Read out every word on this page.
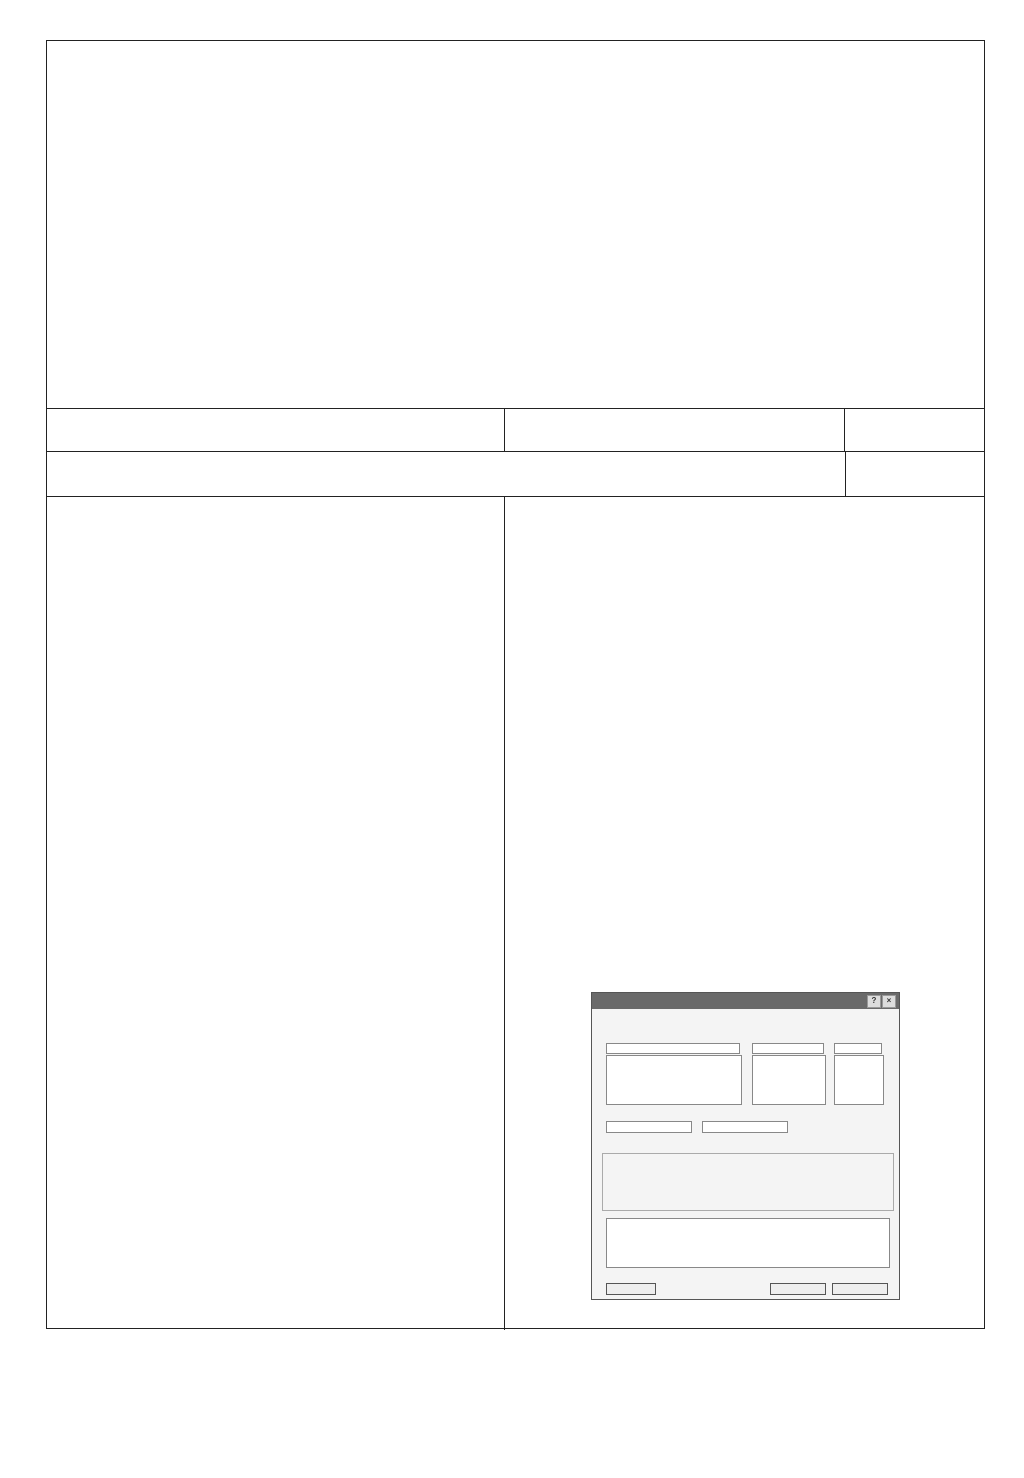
?	×
